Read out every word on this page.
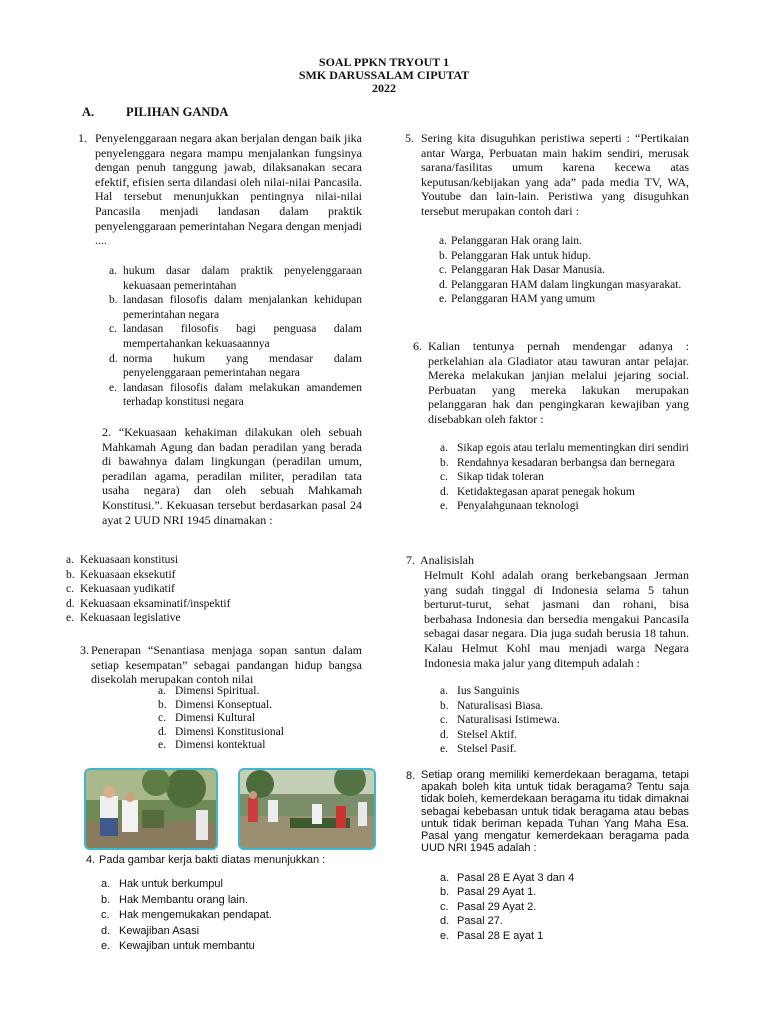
SOAL PPKN TRYOUT 1
SMK DARUSSALAM CIPUTAT
2022
A.	PILIHAN GANDA
1. Penyelenggaraan negara akan berjalan dengan baik jika penyelenggara negara mampu menjalankan fungsinya dengan penuh tanggung jawab, dilaksanakan secara efektif, efisien serta dilandasi oleh nilai-nilai Pancasila. Hal tersebut menunjukkan pentingnya nilai-nilai Pancasila menjadi landasan dalam praktik penyelenggaraan pemerintahan Negara dengan menjadi ....
a. hukum dasar dalam praktik penyelenggaraan kekuasaan pemerintahan
b. landasan filosofis dalam menjalankan kehidupan pemerintahan negara
c. landasan filosofis bagi penguasa dalam mempertahankan kekuasaannya
d. norma hukum yang mendasar dalam penyelenggaraan pemerintahan negara
e. landasan filosofis dalam melakukan amandemen terhadap konstitusi negara
2. “Kekuasaan kehakiman dilakukan oleh sebuah Mahkamah Agung dan badan peradilan yang berada di bawahnya dalam lingkungan (peradilan umum, peradilan agama, peradilan militer, peradilan tata usaha negara) dan oleh sebuah Mahkamah Konstitusi.”. Kekuasan tersebut berdasarkan pasal 24 ayat 2 UUD NRI 1945 dinamakan :
a. Kekuasaan konstitusi
b. Kekuasaan eksekutif
c. Kekuasaan yudikatif
d. Kekuasaan eksaminatif/inspektif
e. Kekuasaan legislative
3. Penerapan “Senantiasa menjaga sopan santun dalam setiap kesempatan” sebagai pandangan hidup bangsa disekolah merupakan contoh nilai
a. Dimensi Spiritual.
b. Dimensi Konseptual.
c. Dimensi Kultural
d. Dimensi Konstitusional
e. Dimensi kontektual
4. Pada gambar kerja bakti diatas menunjukkan :
a. Hak untuk berkumpul
b. Hak Membantu orang lain.
c. Hak mengemukakan pendapat.
d. Kewajiban Asasi
e. Kewajiban untuk membantu
5. Sering kita disuguhkan peristiwa seperti : “Pertikaian antar Warga, Perbuatan main hakim sendiri, merusak sarana/fasilitas umum karena kecewa atas keputusan/kebijakan yang ada” pada media TV, WA, Youtube dan lain-lain. Peristiwa yang disuguhkan tersebut merupakan contoh dari :
a. Pelanggaran Hak orang lain.
b. Pelanggaran Hak untuk hidup.
c. Pelanggaran Hak Dasar Manusia.
d. Pelanggaran HAM dalam lingkungan masyarakat.
e. Pelanggaran HAM yang umum
6. Kalian tentunya pernah mendengar adanya : perkelahian ala Gladiator atau tawuran antar pelajar. Mereka melakukan janjian melalui jejaring social. Perbuatan yang mereka lakukan merupakan pelanggaran hak dan pengingkaran kewajiban yang disebabkan oleh faktor :
a. Sikap egois atau terlalu mementingkan diri sendiri
b. Rendahnya kesadaran berbangsa dan bernegara
c. Sikap tidak toleran
d. Ketidaktegasan aparat penegak hokum
e. Penyalahgunaan teknologi
7. Analisislah
Helmult Kohl adalah orang berkebangsaan Jerman yang sudah tinggal di Indonesia selama 5 tahun berturut-turut, sehat jasmani dan rohani, bisa berbahasa Indonesia dan bersedia mengakui Pancasila sebagai dasar negara. Dia juga sudah berusia 18 tahun. Kalau Helmut Kohl mau menjadi warga Negara Indonesia maka jalur yang ditempuh adalah :
a. Ius Sanguinis
b. Naturalisasi Biasa.
c. Naturalisasi Istimewa.
d. Stelsel Aktif.
e. Stelsel Pasif.
8. Setiap orang memiliki kemerdekaan beragama, tetapi apakah boleh kita untuk tidak beragama? Tentu saja tidak boleh, kemerdekaan beragama itu tidak dimaknai sebagai kebebasan untuk tidak beragama atau bebas untuk tidak beriman kepada Tuhan Yang Maha Esa. Pasal yang mengatur kemerdekaan beragama pada UUD NRI 1945 adalah :
a. Pasal 28 E Ayat 3 dan 4
b. Pasal 29 Ayat 1.
c. Pasal 29 Ayat 2.
d. Pasal 27.
e. Pasal 28 E ayat 1
